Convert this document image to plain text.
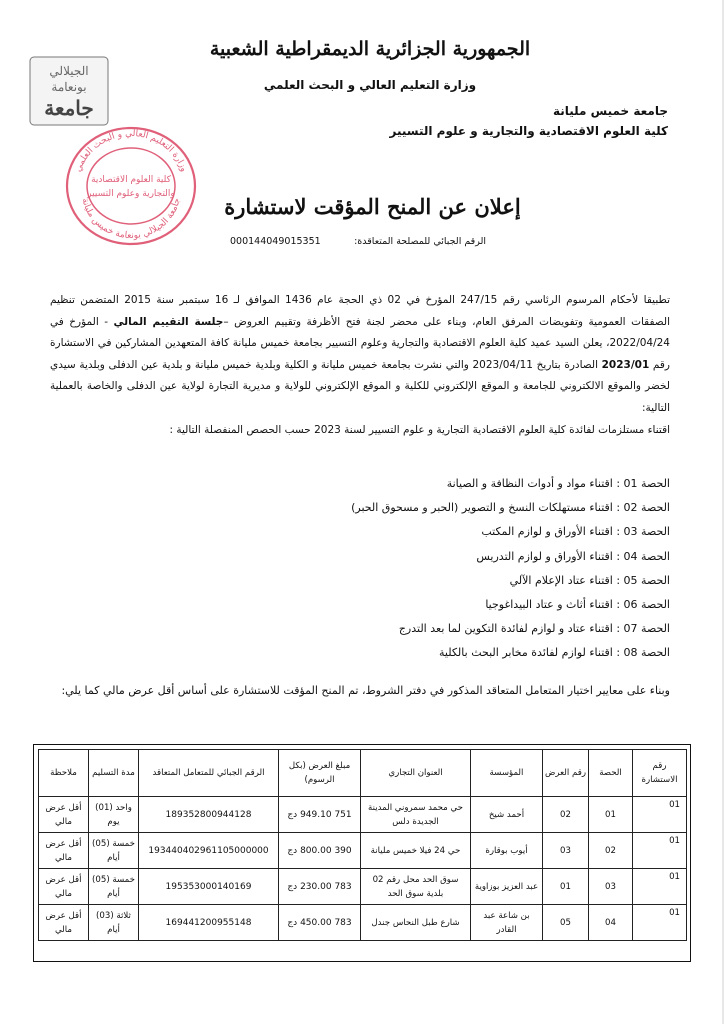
الجمهورية الجزائرية الديمقراطية الشعبية
وزارة التعليم العالي و البحث العلمي
جامعة خميس مليانة
كلية العلوم الاقتصادية والتجارية و علوم التسيير
الجيلالي
بونعامة
جامعة
وزارة التعليم العالي و البحث العلمي
جامعة الجيلالي بونعامة خميس مليانة
كلية العلوم الاقتصادية
والتجارية وعلوم التسيير	إعلان عن المنح المؤقت لاستشارة
الرقم الجبائي للمصلحة المتعاقدة:
000144049015351

تطبيقا لأحكام المرسوم الرئاسي رقم 247/15 المؤرخ في 02 ذي الحجة عام 1436 الموافق لـ 16 سبتمبر سنة 2015 المتضمن تنظيم الصفقات العمومية وتفويضات المرفق العام، وبناء على محضر لجنة فتح الأظرفة وتقييم العروض –جلسة التقييم المالي - المؤرخ في 2022/04/24، يعلن السيد عميد كلية العلوم الاقتصادية والتجارية وعلوم التسيير بجامعة خميس مليانة كافة المتعهدين المشاركين في الاستشارة رقم 2023/01 الصادرة بتاريخ 2023/04/11 والتي نشرت بجامعة خميس مليانة و الكلية وبلدية خميس مليانة و بلدية عين الدفلى وبلدية سيدي لخضر والموقع الالكتروني للجامعة و الموقع الإلكتروني للكلية و الموقع الإلكتروني للولاية و مديرية التجارة لولاية عين الدفلى والخاصة بالعملية التالية:

اقتناء مستلزمات لفائدة كلية العلوم الاقتصادية التجارية و علوم التسيير لسنة 2023 حسب الحصص المنفصلة التالية :

الحصة 01 : اقتناء مواد و أدوات النظافة و الصيانة
الحصة 02 : اقتناء مستهلكات النسخ و التصوير (الحبر و مسحوق الحبر)
الحصة 03 : اقتناء الأوراق و لوازم المكتب
الحصة 04 : اقتناء الأوراق و لوازم التدريس
الحصة 05 : اقتناء عتاد الإعلام الآلي
الحصة 06 : اقتناء أثاث و عتاد البيداغوجيا
الحصة 07 : اقتناء عتاد و لوازم لفائدة التكوين لما بعد التدرج
الحصة 08 : اقتناء لوازم لفائدة مخابر البحث بالكلية
وبناء على معايير اختيار المتعامل المتعاقد المذكور في دفتر الشروط، تم المنح المؤقت للاستشارة على أساس أقل عرض مالي كما يلي:
رقم الاستشارة	الحصة	رقم العرض	المؤسسة	العنوان التجاري	مبلغ العرض (بكل الرسوم)	الرقم الجبائي للمتعامل المتعاقد	مدة التسليم	ملاحظة
01	01	02	أحمد شيخ	حي محمد سمروني المدينة الجديدة دلس	751 949.10 دج	189352800944128	واحد (01) يوم	أقل عرض مالي
01	02	03	أيوب بوقارة	حي 24 فيلا خميس مليانة	390 800.00 دج	193440402961105000000	خمسة (05) أيام	أقل عرض مالي
01	03	01	عبد العزيز بوزاوية	سوق الحد محل رقم 02 بلدية سوق الحد	783 230.00 دج	195353000140169	خمسة (05) أيام	أقل عرض مالي
01	04	05	بن شاعة عبد القادر	شارع طبل النحاس جندل	783 450.00 دج	169441200955148	ثلاثة (03) أيام	أقل عرض مالي
